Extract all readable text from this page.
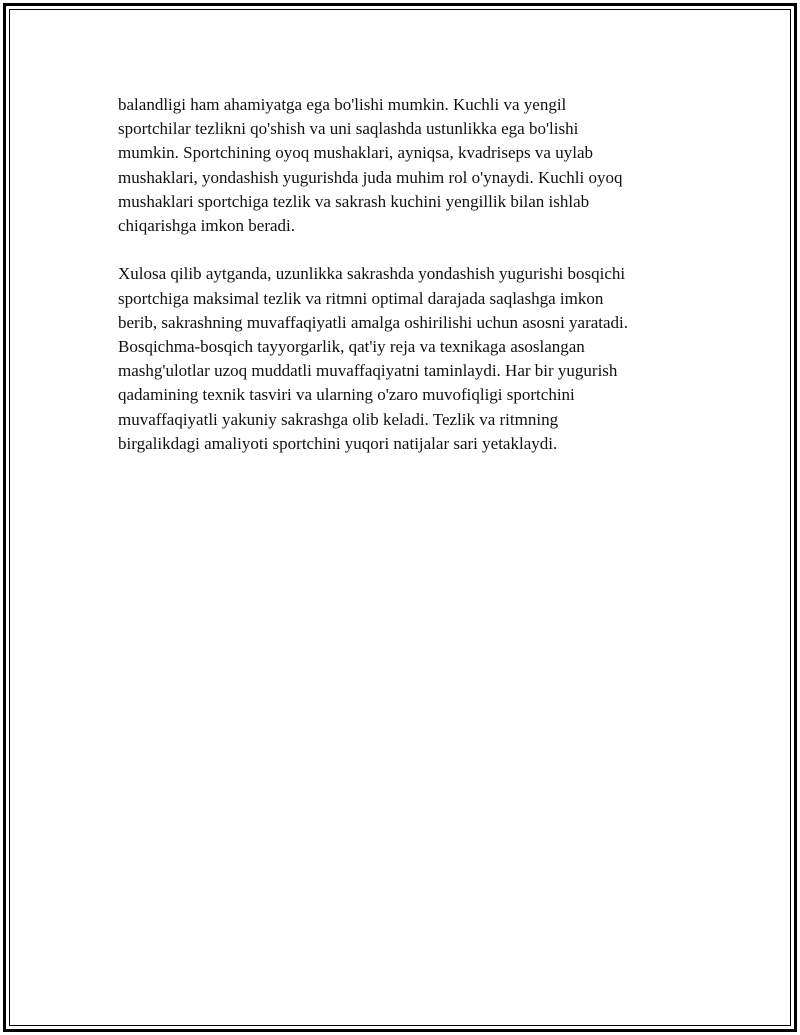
balandligi ham ahamiyatga ega bo'lishi mumkin. Kuchli va yengil
sportchilar tezlikni qo'shish va uni saqlashda ustunlikka ega bo'lishi
mumkin. Sportchining oyoq mushaklari, ayniqsa, kvadriseps va uylab
mushaklari, yondashish yugurishda juda muhim rol o'ynaydi. Kuchli oyoq
mushaklari sportchiga tezlik va sakrash kuchini yengillik bilan ishlab
chiqarishga imkon beradi.

Xulosa qilib aytganda, uzunlikka sakrashda yondashish yugurishi bosqichi
sportchiga maksimal tezlik va ritmni optimal darajada saqlashga imkon
berib, sakrashning muvaffaqiyatli amalga oshirilishi uchun asosni yaratadi.
Bosqichma-bosqich tayyorgarlik, qat'iy reja va texnikaga asoslangan
mashg'ulotlar uzoq muddatli muvaffaqiyatni taminlaydi. Har bir yugurish
qadamining texnik tasviri va ularning o'zaro muvofiqligi sportchini
muvaffaqiyatli yakuniy sakrashga olib keladi. Tezlik va ritmning
birgalikdagi amaliyoti sportchini yuqori natijalar sari yetaklaydi.
